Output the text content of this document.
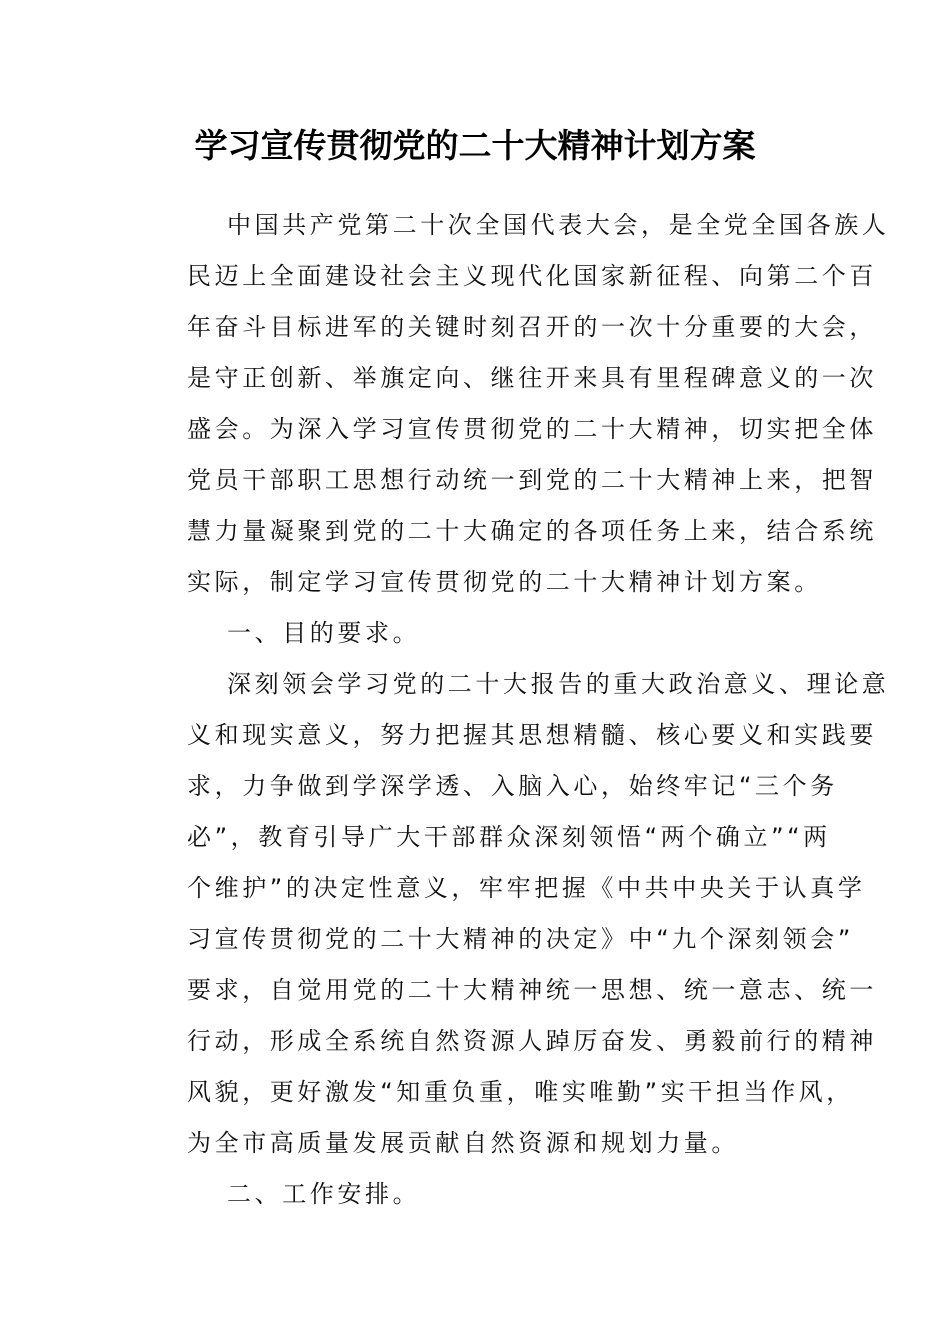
学习宣传贯彻党的二十大精神计划方案
中国共产党第二十次全国代表大会，是全党全国各族人
民迈上全面建设社会主义现代化国家新征程、向第二个百
年奋斗目标进军的关键时刻召开的一次十分重要的大会，
是守正创新、举旗定向、继往开来具有里程碑意义的一次
盛会。为深入学习宣传贯彻党的二十大精神，切实把全体
党员干部职工思想行动统一到党的二十大精神上来，把智
慧力量凝聚到党的二十大确定的各项任务上来，结合系统
实际，制定学习宣传贯彻党的二十大精神计划方案。
一、目的要求。
深刻领会学习党的二十大报告的重大政治意义、理论意
义和现实意义，努力把握其思想精髓、核心要义和实践要
求，力争做到学深学透、入脑入心，始终牢记“三个务
必”，教育引导广大干部群众深刻领悟“两个确立”“两
个维护”的决定性意义，牢牢把握《中共中央关于认真学
习宣传贯彻党的二十大精神的决定》中“九个深刻领会”
要求，自觉用党的二十大精神统一思想、统一意志、统一
行动，形成全系统自然资源人踔厉奋发、勇毅前行的精神
风貌，更好激发“知重负重，唯实唯勤”实干担当作风，
为全市高质量发展贡献自然资源和规划力量。
二、工作安排。
